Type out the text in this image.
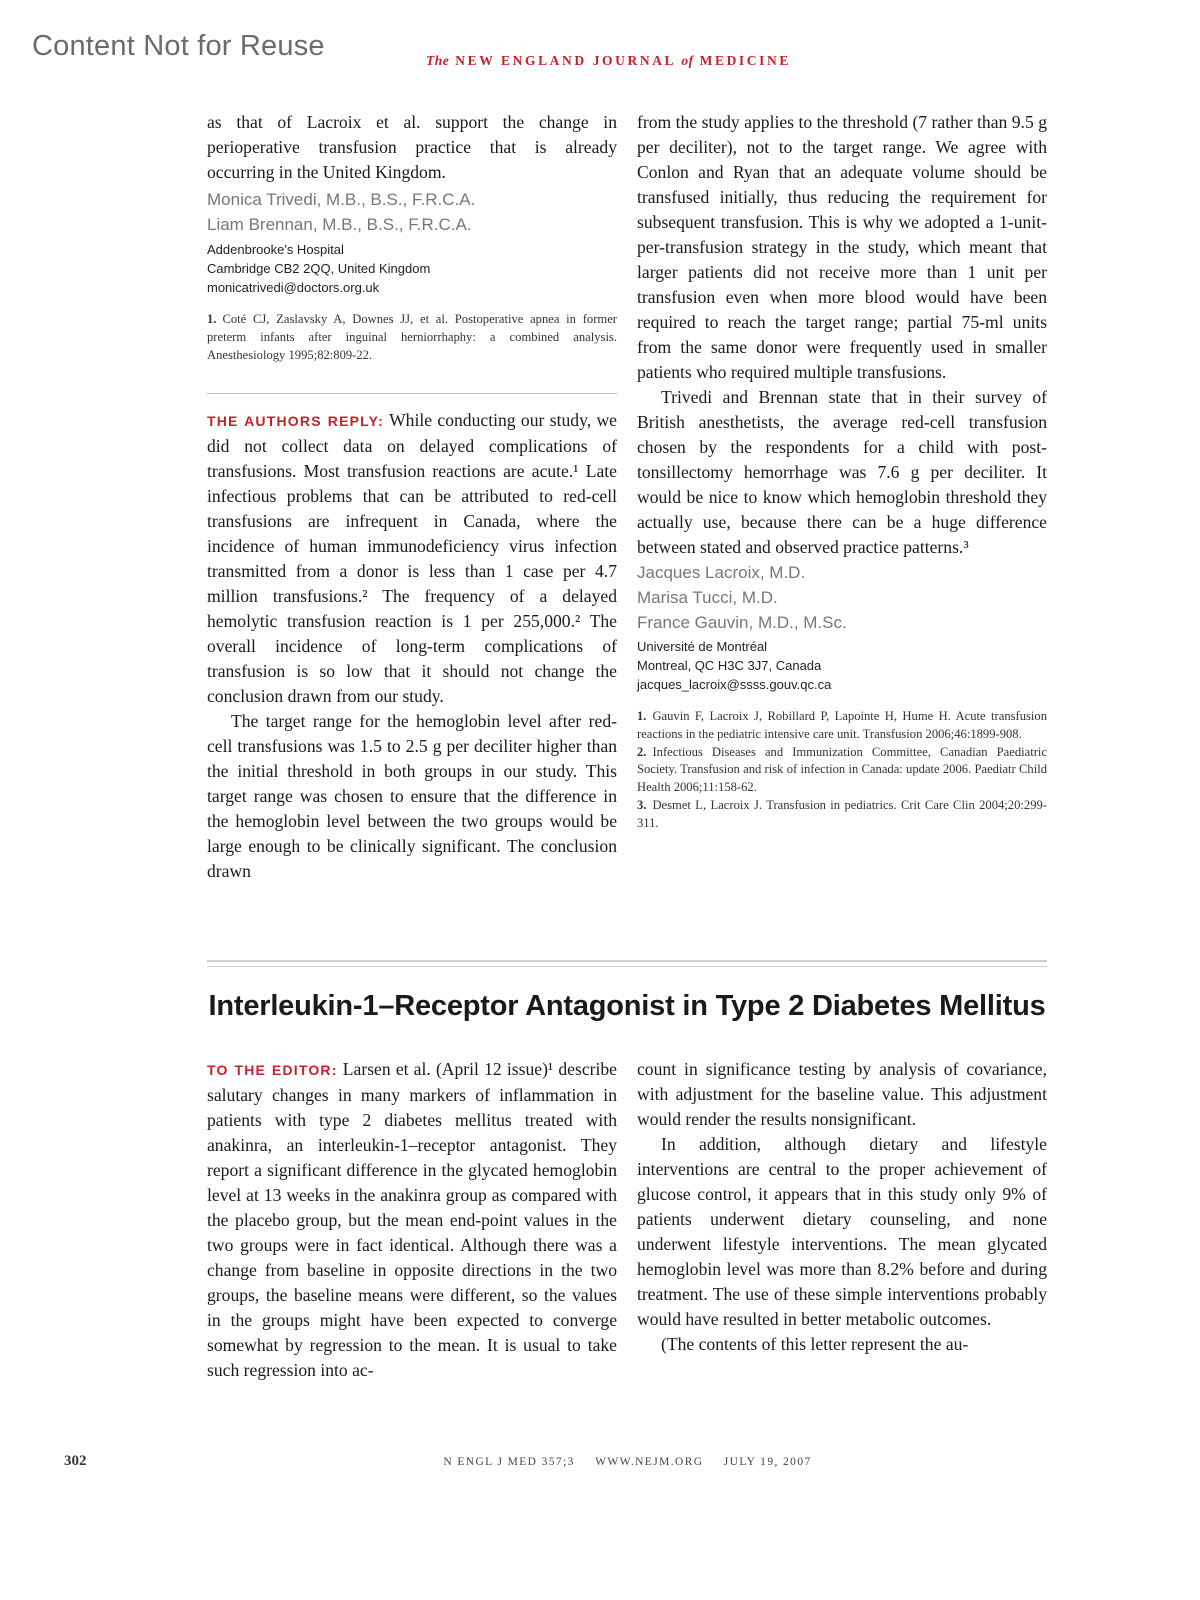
Content Not for Reuse	The NEW ENGLAND JOURNAL of MEDICINE

as that of Lacroix et al. support the change in perioperative transfusion practice that is already occurring in the United Kingdom.

Monica Trivedi, M.B., B.S., F.R.C.A.

Liam Brennan, M.B., B.S., F.R.C.A.

Addenbrooke's Hospital

Cambridge CB2 2QQ, United Kingdom

monicatrivedi@doctors.org.uk

1. Coté CJ, Zaslavsky A, Downes JJ, et al. Postoperative apnea in former preterm infants after inguinal herniorrhaphy: a combined analysis. Anesthesiology 1995;82:809-22.

THE AUTHORS REPLY: While conducting our study, we did not collect data on delayed complications of transfusions. Most transfusion reactions are acute.¹ Late infectious problems that can be attributed to red-cell transfusions are infrequent in Canada, where the incidence of human immunodeficiency virus infection transmitted from a donor is less than 1 case per 4.7 million transfusions.² The frequency of a delayed hemolytic transfusion reaction is 1 per 255,000.² The overall incidence of long-term complications of transfusion is so low that it should not change the conclusion drawn from our study.

The target range for the hemoglobin level after red-cell transfusions was 1.5 to 2.5 g per deciliter higher than the initial threshold in both groups in our study. This target range was chosen to ensure that the difference in the hemoglobin level between the two groups would be large enough to be clinically significant. The conclusion drawn

from the study applies to the threshold (7 rather than 9.5 g per deciliter), not to the target range. We agree with Conlon and Ryan that an adequate volume should be transfused initially, thus reducing the requirement for subsequent transfusion. This is why we adopted a 1-unit-per-transfusion strategy in the study, which meant that larger patients did not receive more than 1 unit per transfusion even when more blood would have been required to reach the target range; partial 75-ml units from the same donor were frequently used in smaller patients who required multiple transfusions.

Trivedi and Brennan state that in their survey of British anesthetists, the average red-cell transfusion chosen by the respondents for a child with post-tonsillectomy hemorrhage was 7.6 g per deciliter. It would be nice to know which hemoglobin threshold they actually use, because there can be a huge difference between stated and observed practice patterns.³

Jacques Lacroix, M.D.

Marisa Tucci, M.D.

France Gauvin, M.D., M.Sc.

Université de Montréal

Montreal, QC H3C 3J7, Canada

jacques_lacroix@ssss.gouv.qc.ca

1. Gauvin F, Lacroix J, Robillard P, Lapointe H, Hume H. Acute transfusion reactions in the pediatric intensive care unit. Transfusion 2006;46:1899-908.
2. Infectious Diseases and Immunization Committee, Canadian Paediatric Society. Transfusion and risk of infection in Canada: update 2006. Paediatr Child Health 2006;11:158-62.
3. Desmet L, Lacroix J. Transfusion in pediatrics. Crit Care Clin 2004;20:299-311.
Interleukin-1–Receptor Antagonist in Type 2 Diabetes Mellitus

TO THE EDITOR: Larsen et al. (April 12 issue)¹ describe salutary changes in many markers of inflammation in patients with type 2 diabetes mellitus treated with anakinra, an interleukin-1–receptor antagonist. They report a significant difference in the glycated hemoglobin level at 13 weeks in the anakinra group as compared with the placebo group, but the mean end-point values in the two groups were in fact identical. Although there was a change from baseline in opposite directions in the two groups, the baseline means were different, so the values in the groups might have been expected to converge somewhat by regression to the mean. It is usual to take such regression into ac-

count in significance testing by analysis of covariance, with adjustment for the baseline value. This adjustment would render the results nonsignificant.

In addition, although dietary and lifestyle interventions are central to the proper achievement of glucose control, it appears that in this study only 9% of patients underwent dietary counseling, and none underwent lifestyle interventions. The mean glycated hemoglobin level was more than 8.2% before and during treatment. The use of these simple interventions probably would have resulted in better metabolic outcomes.

(The contents of this letter represent the au-

302	N ENGL J MED 357;3 WWW.NEJM.ORG JULY 19, 2007
